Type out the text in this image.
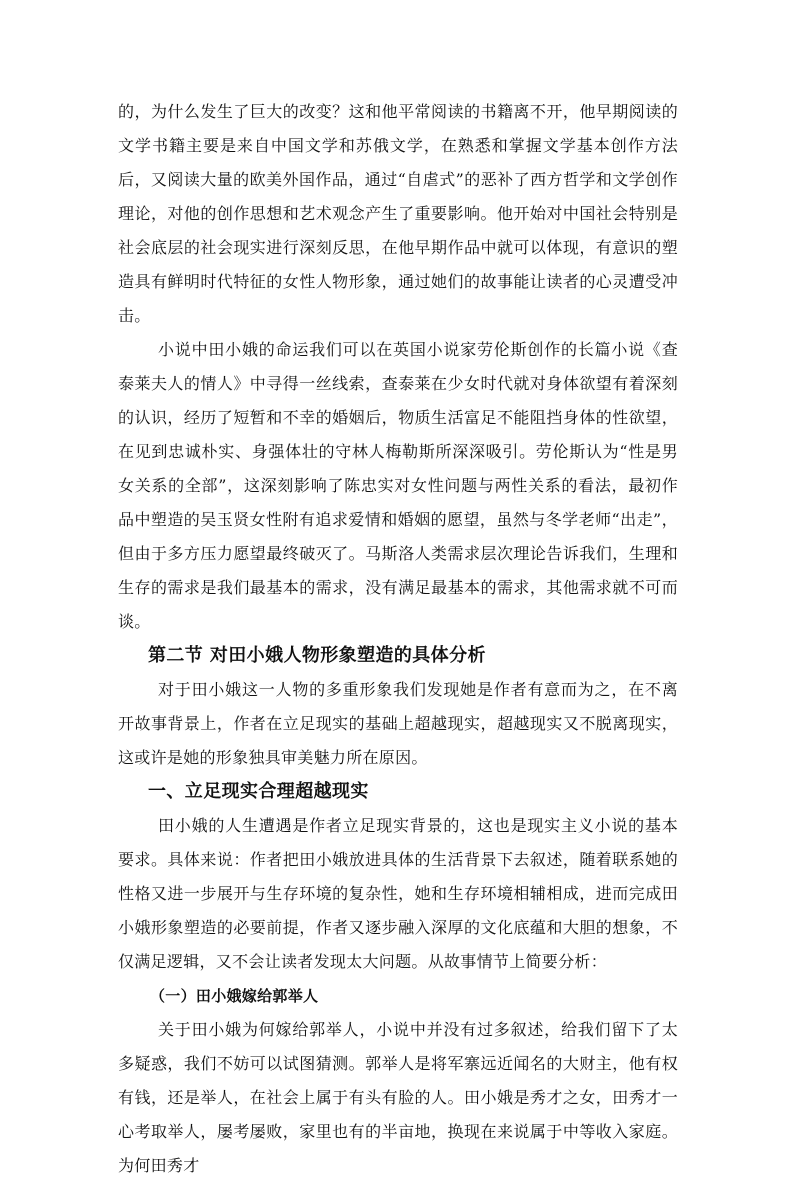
的，为什么发生了巨大的改变？这和他平常阅读的书籍离不开，他早期阅读的文学书籍主要是来自中国文学和苏俄文学，在熟悉和掌握文学基本创作方法后，又阅读大量的欧美外国作品，通过“自虐式”的恶补了西方哲学和文学创作理论，对他的创作思想和艺术观念产生了重要影响。他开始对中国社会特别是社会底层的社会现实进行深刻反思，在他早期作品中就可以体现，有意识的塑造具有鲜明时代特征的女性人物形象，通过她们的故事能让读者的心灵遭受冲击。

小说中田小娥的命运我们可以在英国小说家劳伦斯创作的长篇小说《查泰莱夫人的情人》中寻得一丝线索，查泰莱在少女时代就对身体欲望有着深刻的认识，经历了短暂和不幸的婚姻后，物质生活富足不能阻挡身体的性欲望，在见到忠诚朴实、身强体壮的守林人梅勒斯所深深吸引。劳伦斯认为“性是男女关系的全部”，这深刻影响了陈忠实对女性问题与两性关系的看法，最初作品中塑造的吴玉贤女性附有追求爱情和婚姻的愿望，虽然与冬学老师“出走”，但由于多方压力愿望最终破灭了。马斯洛人类需求层次理论告诉我们，生理和生存的需求是我们最基本的需求，没有满足最基本的需求，其他需求就不可而谈。

第二节 对田小娥人物形象塑造的具体分析

对于田小娥这一人物的多重形象我们发现她是作者有意而为之，在不离开故事背景上，作者在立足现实的基础上超越现实，超越现实又不脱离现实，这或许是她的形象独具审美魅力所在原因。

一、立足现实合理超越现实

田小娥的人生遭遇是作者立足现实背景的，这也是现实主义小说的基本要求。具体来说：作者把田小娥放进具体的生活背景下去叙述，随着联系她的性格又进一步展开与生存环境的复杂性，她和生存环境相辅相成，进而完成田小娥形象塑造的必要前提，作者又逐步融入深厚的文化底蕴和大胆的想象，不仅满足逻辑，又不会让读者发现太大问题。从故事情节上简要分析：

（一）田小娥嫁给郭举人

关于田小娥为何嫁给郭举人，小说中并没有过多叙述，给我们留下了太多疑惑，我们不妨可以试图猜测。郭举人是将军寨远近闻名的大财主，他有权有钱，还是举人，在社会上属于有头有脸的人。田小娥是秀才之女，田秀才一心考取举人，屡考屡败，家里也有的半亩地，换现在来说属于中等收入家庭。为何田秀才
